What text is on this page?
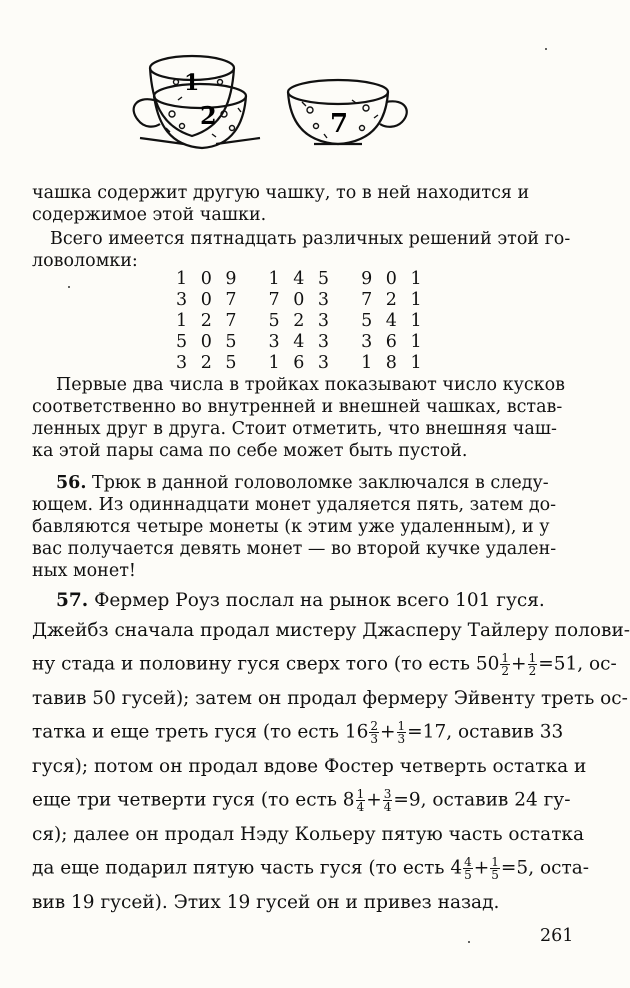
1
2	7
чашка содержит другую чашку, то в ней находится и
содержимое этой чашки.
Всего имеется пятнадцать различных решений этой го-
ловоломки:
1 0 9	1 4 5	9 0 1
3 0 7	7 0 3	7 2 1
1 2 7	5 2 3	5 4 1
5 0 5	3 4 3	3 6 1
3 2 5	1 6 3	1 8 1
Первые два числа в тройках показывают число кусков
соответственно во внутренней и внешней чашках, встав-
ленных друг в друга. Стоит отметить, что внешняя чаш-
ка этой пары сама по себе может быть пустой.
56. Трюк в данной головоломке заключался в следу-
ющем. Из одиннадцати монет удаляется пять, затем до-
бавляются четыре монеты (к этим уже удаленным), и у
вас получается девять монет — во второй кучке удален-
ных монет!
57. Фермер Роуз послал на рынок всего 101 гуся.
Джейбз сначала продал мистеру Джасперу Тайлеру полови-
ну стада и половину гуся сверх того (то есть $50 \frac{1}{2} + \frac{1}{2} =51$, ос-
тавив 50 гусей); затем он продал фермеру Эйвенту треть ос-
татка и еще треть гуся (то есть $16 \frac{2}{3} + \frac{1}{3} =17$, оставив 33
гуся); потом он продал вдове Фостер четверть остатка и
еще три четверти гуся (то есть $8 \frac{1}{4} + \frac{3}{4} =9$, оставив 24 гу-
ся); далее он продал Нэду Кольеру пятую часть остатка
да еще подарил пятую часть гуся (то есть $4 \frac{4}{5} + \frac{1}{5} =5$, оста-
вив 19 гусей). Этих 19 гусей он и привез назад.
261
